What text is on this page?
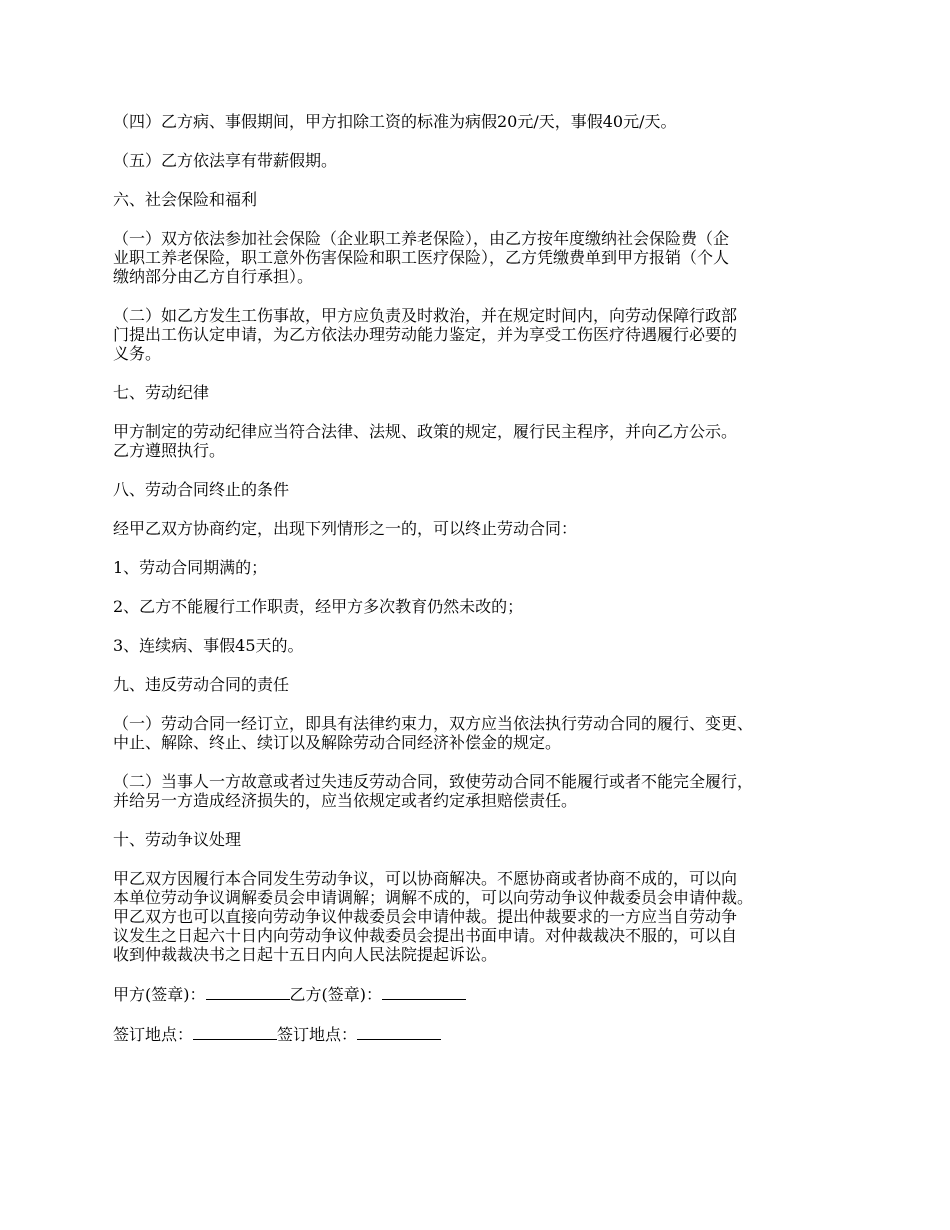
（四）乙方病、事假期间，甲方扣除工资的标准为病假20元/天，事假40元/天。

（五）乙方依法享有带薪假期。

六、社会保险和福利

（一）双方依法参加社会保险（企业职工养老保险），由乙方按年度缴纳社会保险费（企
业职工养老保险，职工意外伤害保险和职工医疗保险），乙方凭缴费单到甲方报销（个人
缴纳部分由乙方自行承担）。

（二）如乙方发生工伤事故，甲方应负责及时救治，并在规定时间内，向劳动保障行政部
门提出工伤认定申请，为乙方依法办理劳动能力鉴定，并为享受工伤医疗待遇履行必要的
义务。

七、劳动纪律

甲方制定的劳动纪律应当符合法律、法规、政策的规定，履行民主程序，并向乙方公示。
乙方遵照执行。

八、劳动合同终止的条件

经甲乙双方协商约定，出现下列情形之一的，可以终止劳动合同：

1、劳动合同期满的；

2、乙方不能履行工作职责，经甲方多次教育仍然未改的；

3、连续病、事假45天的。

九、违反劳动合同的责任

（一）劳动合同一经订立，即具有法律约束力，双方应当依法执行劳动合同的履行、变更、
中止、解除、终止、续订以及解除劳动合同经济补偿金的规定。

（二）当事人一方故意或者过失违反劳动合同，致使劳动合同不能履行或者不能完全履行，
并给另一方造成经济损失的，应当依规定或者约定承担赔偿责任。

十、劳动争议处理

甲乙双方因履行本合同发生劳动争议，可以协商解决。不愿协商或者协商不成的，可以向
本单位劳动争议调解委员会申请调解；调解不成的，可以向劳动争议仲裁委员会申请仲裁。
甲乙双方也可以直接向劳动争议仲裁委员会申请仲裁。提出仲裁要求的一方应当自劳动争
议发生之日起六十日内向劳动争议仲裁委员会提出书面申请。对仲裁裁决不服的，可以自
收到仲裁裁决书之日起十五日内向人民法院提起诉讼。

甲方(签章)：	乙方(签章)：
签订地点：	签订地点：
